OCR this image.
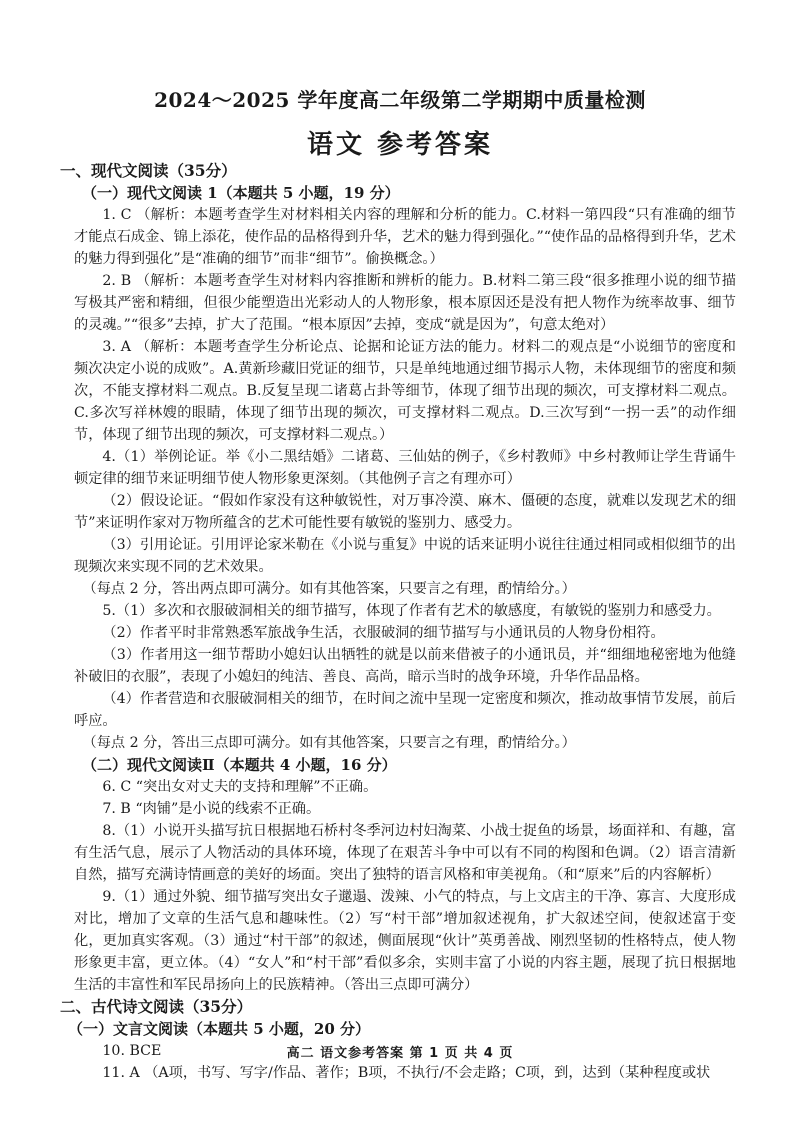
2024～2025 学年度高二年级第二学期期中质量检测
语文 参考答案

一、现代文阅读（35分）

（一）现代文阅读 1（本题共 5 小题，19 分）

1. C （解析：本题考查学生对材料相关内容的理解和分析的能力。C.材料一第四段“只有准确的细节才能点石成金、锦上添花，使作品的品格得到升华，艺术的魅力得到强化。”“使作品的品格得到升华，艺术的魅力得到强化”是“准确的细节”而非“细节”。偷换概念。）

2. B （解析：本题考查学生对材料内容推断和辨析的能力。B.材料二第三段“很多推理小说的细节描写极其严密和精细，但很少能塑造出光彩动人的人物形象，根本原因还是没有把人物作为统率故事、细节的灵魂。”“很多”去掉，扩大了范围。“根本原因”去掉，变成“就是因为”，句意太绝对）

3. A （解析：本题考查学生分析论点、论据和论证方法的能力。材料二的观点是“小说细节的密度和频次决定小说的成败”。A.黄新珍藏旧党证的细节，只是单纯地通过细节揭示人物，未体现细节的密度和频次，不能支撑材料二观点。B.反复呈现二诸葛占卦等细节，体现了细节出现的频次，可支撑材料二观点。C.多次写祥林嫂的眼睛，体现了细节出现的频次，可支撑材料二观点。D.三次写到“一拐一丢”的动作细节，体现了细节出现的频次，可支撑材料二观点。）

4.（1）举例论证。举《小二黑结婚》二诸葛、三仙姑的例子，《乡村教师》中乡村教师让学生背诵牛顿定律的细节来证明细节使人物形象更深刻。（其他例子言之有理亦可）

（2）假设论证。“假如作家没有这种敏锐性，对万事冷漠、麻木、僵硬的态度，就难以发现艺术的细节”来证明作家对万物所蕴含的艺术可能性要有敏锐的鉴别力、感受力。

（3）引用论证。引用评论家米勒在《小说与重复》中说的话来证明小说往往通过相同或相似细节的出现频次来实现不同的艺术效果。

（每点 2 分，答出两点即可满分。如有其他答案，只要言之有理，酌情给分。）

5.（1）多次和衣服破洞相关的细节描写，体现了作者有艺术的敏感度，有敏锐的鉴别力和感受力。

（2）作者平时非常熟悉军旅战争生活，衣服破洞的细节描写与小通讯员的人物身份相符。

（3）作者用这一细节帮助小媳妇认出牺牲的就是以前来借被子的小通讯员，并“细细地秘密地为他缝补破旧的衣服”，表现了小媳妇的纯洁、善良、高尚，暗示当时的战争环境，升华作品品格。

（4）作者营造和衣服破洞相关的细节，在时间之流中呈现一定密度和频次，推动故事情节发展，前后呼应。

（每点 2 分，答出三点即可满分。如有其他答案，只要言之有理，酌情给分。）

（二）现代文阅读Ⅱ（本题共 4 小题，16 分）

6. C “突出女对丈夫的支持和理解”不正确。

7. B “肉铺”是小说的线索不正确。

8.（1）小说开头描写抗日根据地石桥村冬季河边村妇淘菜、小战士捉鱼的场景，场面祥和、有趣，富有生活气息，展示了人物活动的具体环境，体现了在艰苦斗争中可以有不同的构图和色调。（2）语言清新自然，描写充满诗情画意的美好的场面。突出了独特的语言风格和审美视角。（和“原来”后的内容解析）

9.（1）通过外貌、细节描写突出女子邋遢、泼辣、小气的特点，与上文店主的干净、寡言、大度形成对比，增加了文章的生活气息和趣味性。（2）写“村干部”增加叙述视角，扩大叙述空间，使叙述富于变化，更加真实客观。（3）通过“村干部”的叙述，侧面展现“伙计”英勇善战、刚烈坚韧的性格特点，使人物形象更丰富，更立体。（4）“女人”和“村干部”看似多余，实则丰富了小说的内容主题，展现了抗日根据地生活的丰富性和军民昂扬向上的民族精神。（答出三点即可满分）

二、古代诗文阅读（35分）

（一）文言文阅读（本题共 5 小题，20 分）

10. BCE

11. A （A项，书写、写字/作品、著作；B项，不执行/不会走路；C项，到，达到（某种程度或状

高二 语文参考答案 第 1 页 共 4 页
